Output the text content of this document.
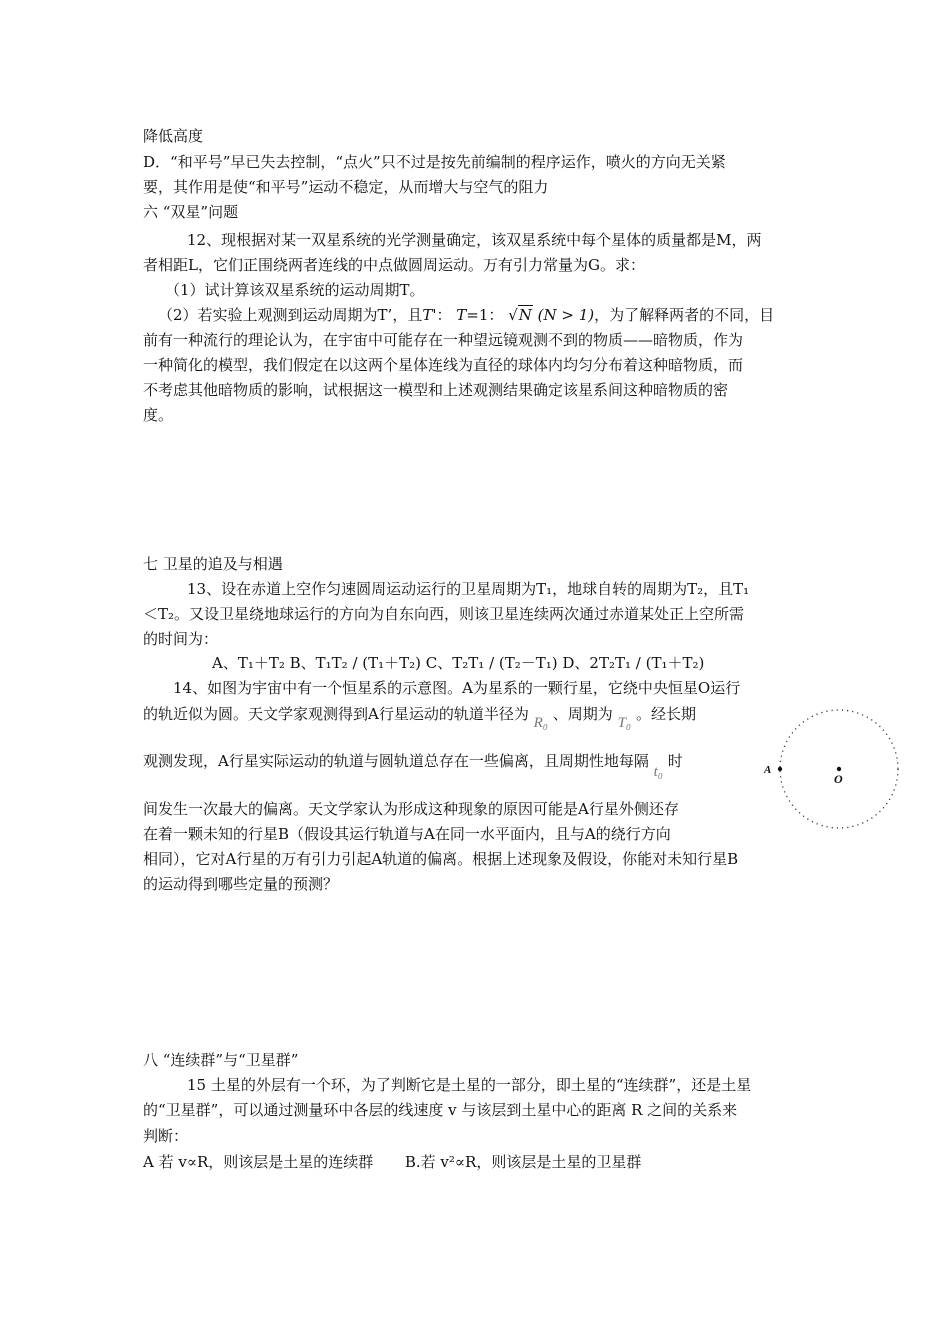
降低高度
D．“和平号”早已失去控制，“点火”只不过是按先前编制的程序运作，喷火的方向无关紧
要，其作用是使“和平号”运动不稳定，从而增大与空气的阻力
六 “双星”问题
12、现根据对某一双星系统的光学测量确定，该双星系统中每个星体的质量都是M，两
者相距L，它们正围绕两者连线的中点做圆周运动。万有引力常量为G。求：
（1）试计算该双星系统的运动周期T。
（2）若实验上观测到运动周期为T’，且T'： T=1： √N (N > 1)，为了解释两者的不同，目
前有一种流行的理论认为，在宇宙中可能存在一种望远镜观测不到的物质——暗物质，作为
一种简化的模型，我们假定在以这两个星体连线为直径的球体内均匀分布着这种暗物质，而
不考虑其他暗物质的影响，试根据这一模型和上述观测结果确定该星系间这种暗物质的密
度。
七 卫星的追及与相遇
13、设在赤道上空作匀速圆周运动运行的卫星周期为T₁，地球自转的周期为T₂，且T₁
＜T₂。又设卫星绕地球运行的方向为自东向西，则该卫星连续两次通过赤道某处正上空所需
的时间为：
A、T₁＋T₂ B、T₁T₂ / (T₁＋T₂) C、T₂T₁ / (T₂－T₁) D、2T₂T₁ / (T₁＋T₂)
14、如图为宇宙中有一个恒星系的示意图。A为星系的一颗行星，它绕中央恒星O运行
的轨近似为圆。天文学家观测得到A行星运动的轨道半径为 R₀ 、周期为 T₀ 。经长期
观测发现，A行星实际运动的轨道与圆轨道总存在一些偏离，且周期性地每隔 t₀ 时
间发生一次最大的偏离。天文学家认为形成这种现象的原因可能是A行星外侧还存
在着一颗未知的行星B（假设其运行轨道与A在同一水平面内，且与A的绕行方向
相同），它对A行星的万有引力引起A轨道的偏离。根据上述现象及假设，你能对未知行星B
的运动得到哪些定量的预测？
A
O
八 “连续群”与“卫星群”
15 土星的外层有一个环，为了判断它是土星的一部分，即土星的“连续群”，还是土星
的“卫星群”，可以通过测量环中各层的线速度 v 与该层到土星中心的距离 R 之间的关系来
判断：
A 若 v∝R，则该层是土星的连续群 B.若 v²∝R，则该层是土星的卫星群
